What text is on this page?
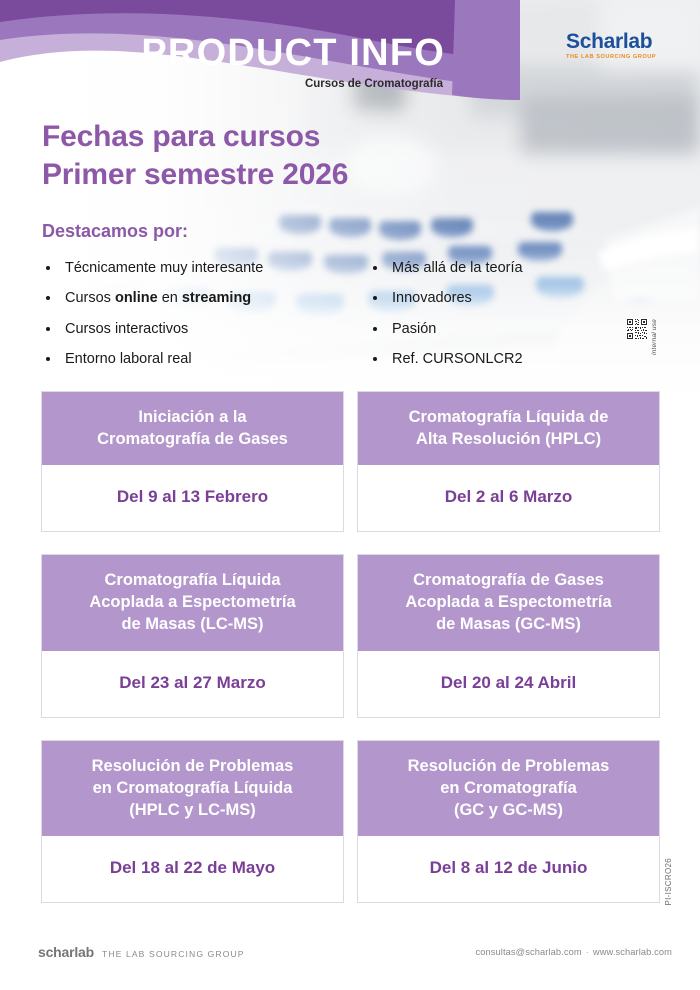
PRODUCT INFO
Cursos de Cromatografía
Scharlab
THE LAB SOURCING GROUP
Fechas para cursos
Primer semestre 2026
Destacamos por:
Técnicamente muy interesante
Cursos online en streaming
Cursos interactivos
Entorno laboral real
Más allá de la teoría
Innovadores
Pasión
Ref. CURSONLCR2
internal use
Iniciación a la
Cromatografía de Gases
Del 9 al 13 Febrero
Cromatografía Líquida de
Alta Resolución (HPLC)
Del 2 al 6 Marzo
Cromatografía Líquida
Acoplada a Espectometría
de Masas (LC-MS)
Del 23 al 27 Marzo
Cromatografía de Gases
Acoplada a Espectometría
de Masas (GC-MS)
Del 20 al 24 Abril
Resolución de Problemas
en Cromatografía Líquida
(HPLC y LC-MS)
Del 18 al 22 de Mayo
Resolución de Problemas
en Cromatografía
(GC y GC-MS)
Del 8 al 12 de Junio	PI-ISCRO26
scharlab THE LAB SOURCING GROUP	consultas@scharlab.com · www.scharlab.com
